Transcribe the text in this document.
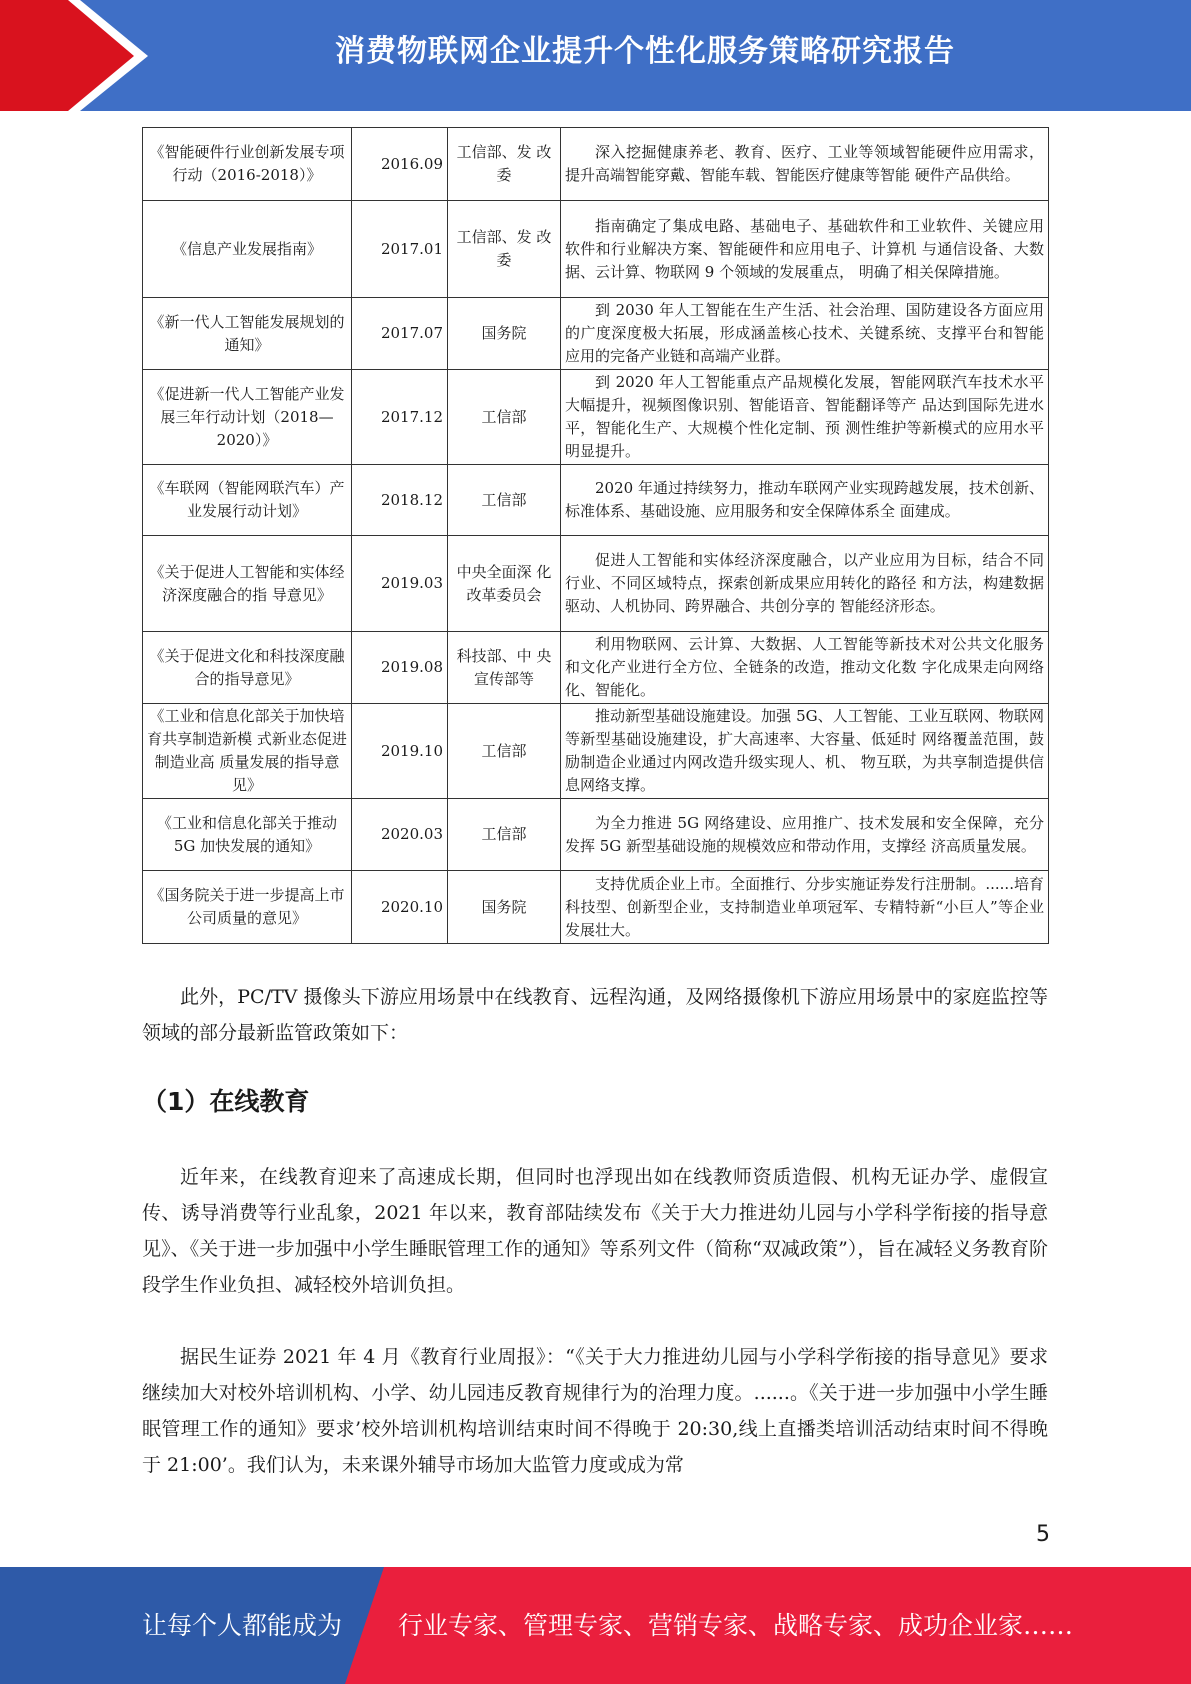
消费物联网企业提升个性化服务策略研究报告
《智能硬件行业创新发展专项行动（2016-2018）》	2016.09	工信部、发 改委	深入挖掘健康养老、教育、医疗、工业等领域智能硬件应用需求，提升高端智能穿戴、智能车载、智能医疗健康等智能 硬件产品供给。
《信息产业发展指南》	2017.01	工信部、发 改委	指南确定了集成电路、基础电子、基础软件和工业软件、关键应用软件和行业解决方案、智能硬件和应用电子、计算机 与通信设备、大数据、云计算、物联网 9 个领域的发展重点， 明确了相关保障措施。
《新一代人工智能发展规划的通知》	2017.07	国务院	到 2030 年人工智能在生产生活、社会治理、国防建设各方面应用的广度深度极大拓展，形成涵盖核心技术、关键系统、支撑平台和智能应用的完备产业链和高端产业群。
《促进新一代人工智能产业发展三年行动计划（2018—2020）》	2017.12	工信部	到 2020 年人工智能重点产品规模化发展，智能网联汽车技术水平大幅提升，视频图像识别、智能语音、智能翻译等产 品达到国际先进水平，智能化生产、大规模个性化定制、预 测性维护等新模式的应用水平明显提升。
《车联网（智能网联汽车）产业发展行动计划》	2018.12	工信部	2020 年通过持续努力，推动车联网产业实现跨越发展，技术创新、标准体系、基础设施、应用服务和安全保障体系全 面建成。
《关于促进人工智能和实体经济深度融合的指 导意见》	2019.03	中央全面深 化改革委员会	促进人工智能和实体经济深度融合，以产业应用为目标，结合不同行业、不同区域特点，探索创新成果应用转化的路径 和方法，构建数据驱动、人机协同、跨界融合、共创分享的 智能经济形态。
《关于促进文化和科技深度融合的指导意见》	2019.08	科技部、中 央宣传部等	利用物联网、云计算、大数据、人工智能等新技术对公共文化服务和文化产业进行全方位、全链条的改造，推动文化数 字化成果走向网络化、智能化。
《工业和信息化部关于加快培育共享制造新模 式新业态促进制造业高 质量发展的指导意见》	2019.10	工信部	推动新型基础设施建设。加强 5G、人工智能、工业互联网、物联网等新型基础设施建设，扩大高速率、大容量、低延时 网络覆盖范围，鼓励制造企业通过内网改造升级实现人、机、 物互联，为共享制造提供信息网络支撑。
《工业和信息化部关于推动 5G 加快发展的通知》	2020.03	工信部	为全力推进 5G 网络建设、应用推广、技术发展和安全保障，充分发挥 5G 新型基础设施的规模效应和带动作用，支撑经 济高质量发展。
《国务院关于进一步提高上市公司质量的意见》	2020.10	国务院	支持优质企业上市。全面推行、分步实施证券发行注册制。......培育科技型、创新型企业，支持制造业单项冠军、专精特新“小巨人”等企业发展壮大。

此外，PC/TV 摄像头下游应用场景中在线教育、远程沟通，及网络摄像机下游应用场景中的家庭监控等领域的部分最新监管政策如下：

（1）在线教育

近年来，在线教育迎来了高速成长期，但同时也浮现出如在线教师资质造假、机构无证办学、虚假宣传、诱导消费等行业乱象，2021 年以来，教育部陆续发布《关于大力推进幼儿园与小学科学衔接的指导意见》、《关于进一步加强中小学生睡眠管理工作的通知》等系列文件（简称“双减政策”），旨在减轻义务教育阶段学生作业负担、减轻校外培训负担。

据民生证券 2021 年 4 月《教育行业周报》：“《关于大力推进幼儿园与小学科学衔接的指导意见》要求继续加大对校外培训机构、小学、幼儿园违反教育规律行为的治理力度。......。《关于进一步加强中小学生睡眠管理工作的通知》要求’校外培训机构培训结束时间不得晚于 20:30,线上直播类培训活动结束时间不得晚于 21:00’。我们认为，未来课外辅导市场加大监管力度或成为常

5
让每个人都能成为 行业专家、管理专家、营销专家、战略专家、成功企业家……
